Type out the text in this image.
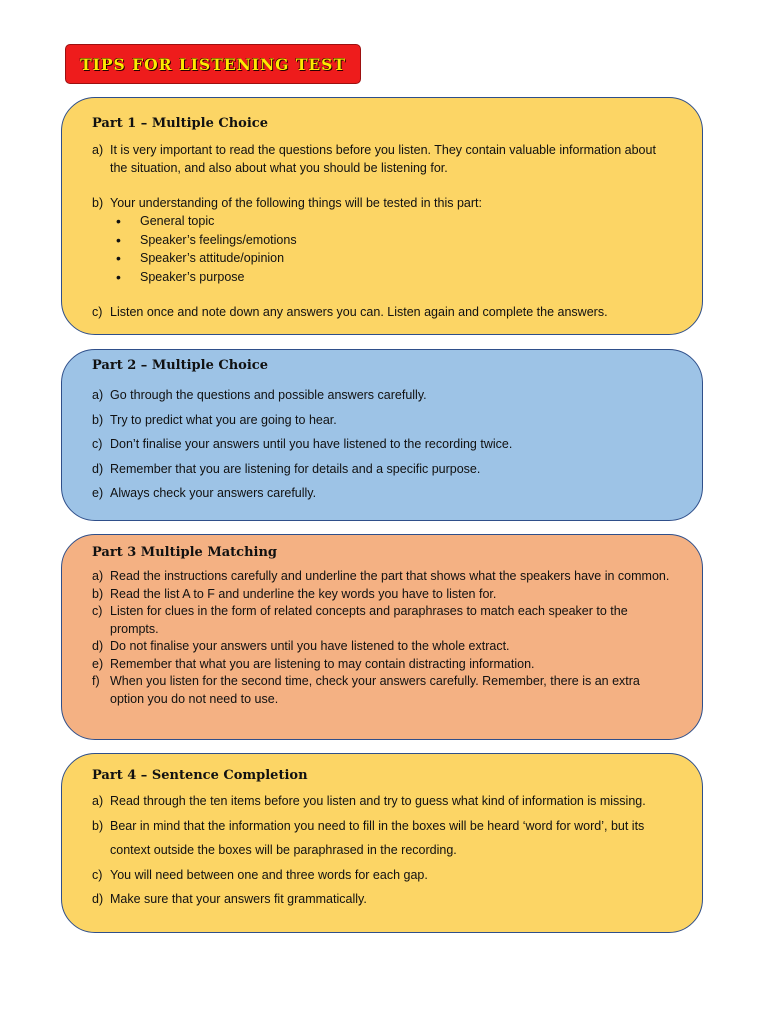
TIPS FOR LISTENING TEST
Part 1 – Multiple Choice
a) It is very important to read the questions before you listen. They contain valuable information about the situation, and also about what you should be listening for.
b) Your understanding of the following things will be tested in this part:
•	General topic
•	Speaker’s feelings/emotions
•	Speaker’s attitude/opinion
•	Speaker’s purpose
c) Listen once and note down any answers you can. Listen again and complete the answers.
Part 2 – Multiple Choice
a) Go through the questions and possible answers carefully.
b) Try to predict what you are going to hear.
c) Don’t finalise your answers until you have listened to the recording twice.
d) Remember that you are listening for details and a specific purpose.
e) Always check your answers carefully.
Part 3 Multiple Matching
a) Read the instructions carefully and underline the part that shows what the speakers have in common.
b) Read the list A to F and underline the key words you have to listen for.
c) Listen for clues in the form of related concepts and paraphrases to match each speaker to the prompts.
d) Do not finalise your answers until you have listened to the whole extract.
e) Remember that what you are listening to may contain distracting information.
f) When you listen for the second time, check your answers carefully. Remember, there is an extra option you do not need to use.
Part 4 – Sentence Completion
a) Read through the ten items before you listen and try to guess what kind of information is missing.
b) Bear in mind that the information you need to fill in the boxes will be heard ‘word for word’, but its context outside the boxes will be paraphrased in the recording.
c) You will need between one and three words for each gap.
d) Make sure that your answers fit grammatically.
